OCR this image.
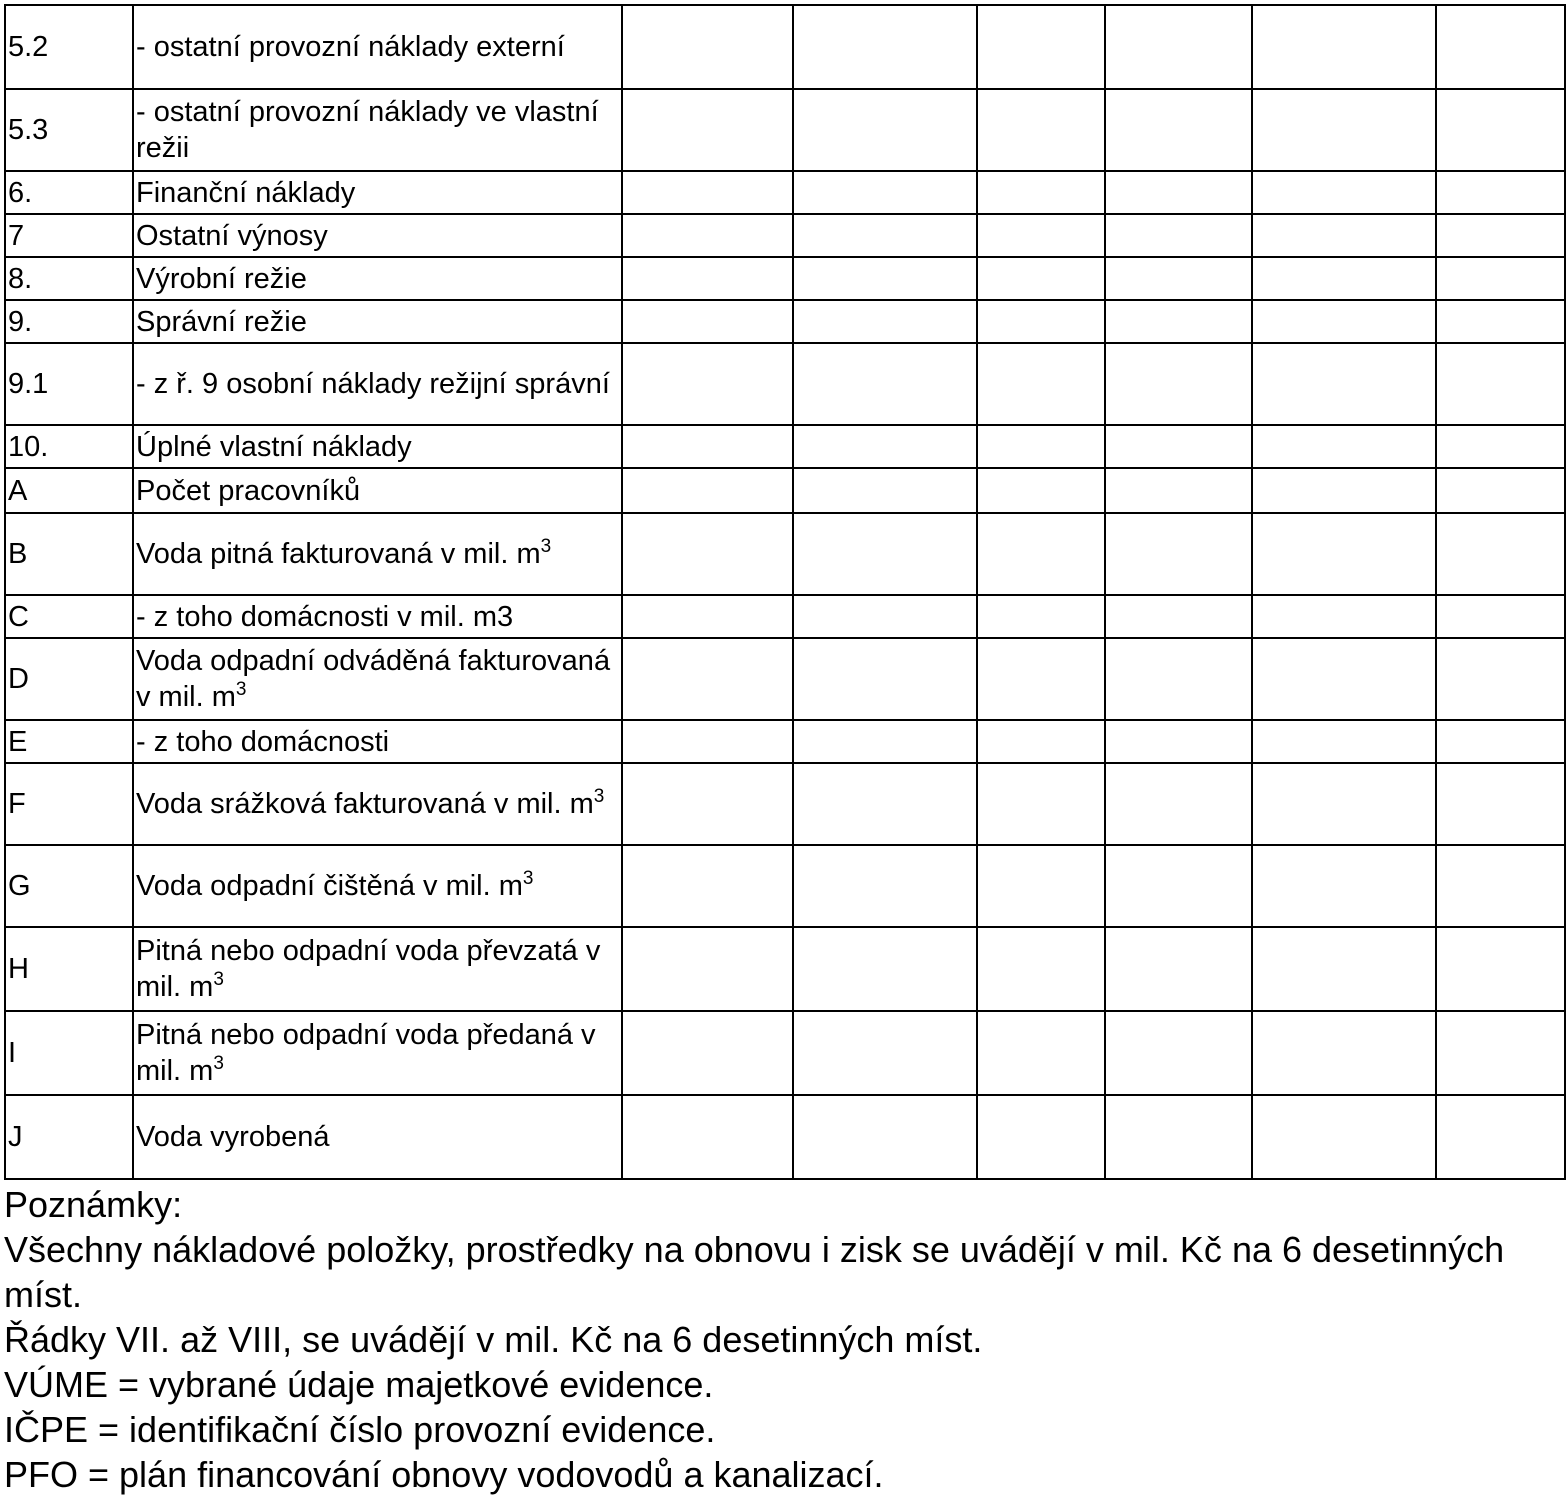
5.2	- ostatní provozní náklady externí						
5.3	- ostatní provozní náklady ve vlastní režii						
6.	Finanční náklady						
7	Ostatní výnosy						
8.	Výrobní režie						
9.	Správní režie						
9.1	- z ř. 9 osobní náklady režijní správní						
10.	Úplné vlastní náklady						
A	Počet pracovníků						
B	Voda pitná fakturovaná v mil. $m^3$						
C	- z toho domácnosti v mil. m3						
D	Voda odpadní odváděná fakturovaná v mil. $m^3$						
E	- z toho domácnosti						
F	Voda srážková fakturovaná v mil. $m^3$						
G	Voda odpadní čištěná v mil. $m^3$						
H	Pitná nebo odpadní voda převzatá v mil. $m^3$						
I	Pitná nebo odpadní voda předaná v mil. $m^3$						
J	Voda vyrobená						
Poznámky:
Všechny nákladové položky, prostředky na obnovu i zisk se uvádějí v mil. Kč na 6 desetinných míst.
Řádky VII. až VIII, se uvádějí v mil. Kč na 6 desetinných míst.
VÚME = vybrané údaje majetkové evidence.
IČPE = identifikační číslo provozní evidence.
PFO = plán financování obnovy vodovodů a kanalizací.
